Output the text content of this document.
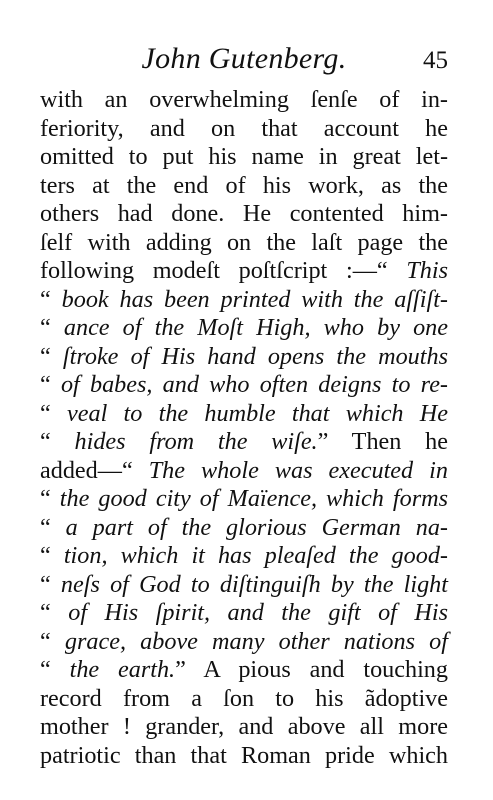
John Gutenberg.	45
with an overwhelming ſenſe of in-
feriority, and on that account he
omitted to put his name in great let-
ters at the end of his work, as the
others had done. He contented him-
ſelf with adding on the laſt page the
following modeſt poſtſcript :—“ This
“ book has been printed with the aſſiſt-
“ ance of the Moſt High, who by one
“ ſtroke of His hand opens the mouths
“ of babes, and who often deigns to re-
“ veal to the humble that which He
“ hides from the wiſe.” Then he
added—“ The whole was executed in
“ the good city of Maïence, which forms
“ a part of the glorious German na-
“ tion, which it has pleaſed the good-
“ neſs of God to diſtinguiſh by the light
“ of His ſpirit, and the gift of His
“ grace, above many other nations of
“ the earth.” A pious and touching
record from a ſon to his ãdoptive
mother ! grander, and above all more
patriotic than that Roman pride which
